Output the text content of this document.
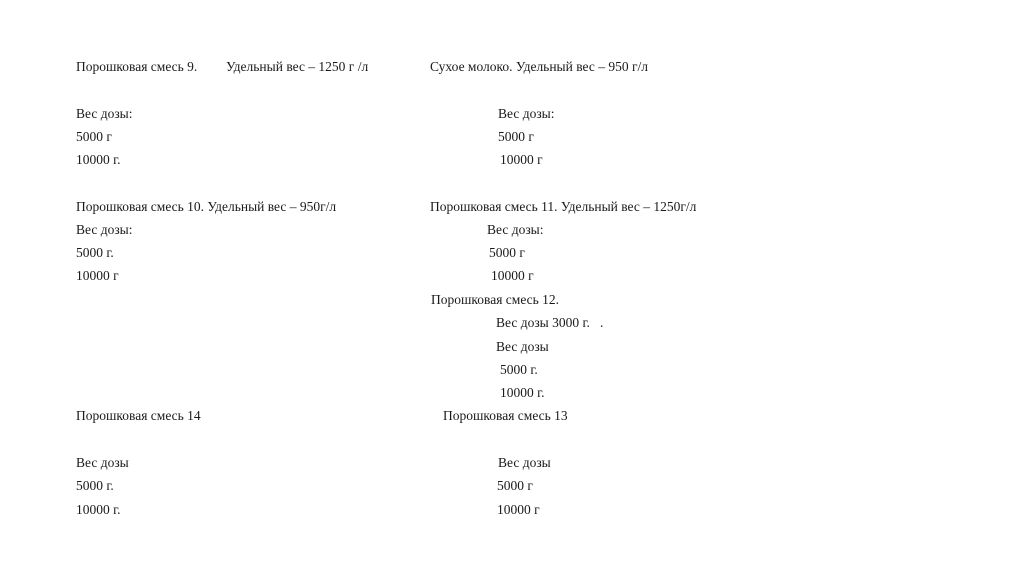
Порошковая смесь 9. Удельный вес – 1250 г /л
Вес дозы:
5000 г
10000 г.
Сухое молоко. Удельный вес – 950 г/л
Вес дозы:
5000 г
10000 г
Порошковая смесь 10. Удельный вес – 950г/л
Вес дозы:
5000 г.
10000 г
Порошковая смесь 11. Удельный вес – 1250г/л
Вес дозы:
5000 г
10000 г
Порошковая смесь 12.
Вес дозы 3000 г.   .
Вес дозы
5000 г.
10000 г.
Порошковая смесь 14
Вес дозы
5000 г.
10000 г.
Порошковая смесь 13
Вес дозы
5000 г
10000 г
